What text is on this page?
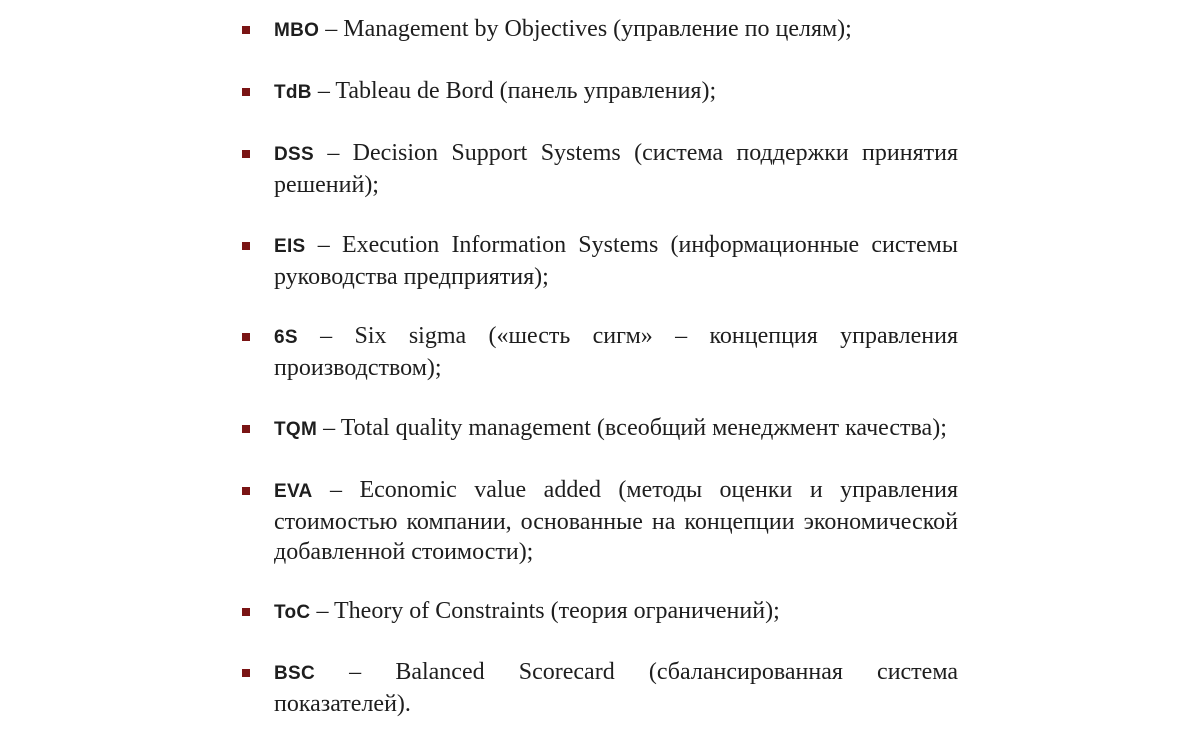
MBO – Management by Objectives (управление по целям);
TdB – Tableau de Bord (панель управления);
DSS – Decision Support Systems (система поддержки принятия решений);
EIS – Execution Information Systems (информационные системы руководства предприятия);
6S – Six sigma («шесть сигм» – концепция управления производством);
TQM – Total quality management (всеобщий менеджмент качества);
EVA – Economic value added (методы оценки и управления стоимостью компании, основанные на концепции экономической добавленной стоимости);
ToC – Theory of Constraints (теория ограничений);
BSC – Balanced Scorecard (сбалансированная система показателей).
